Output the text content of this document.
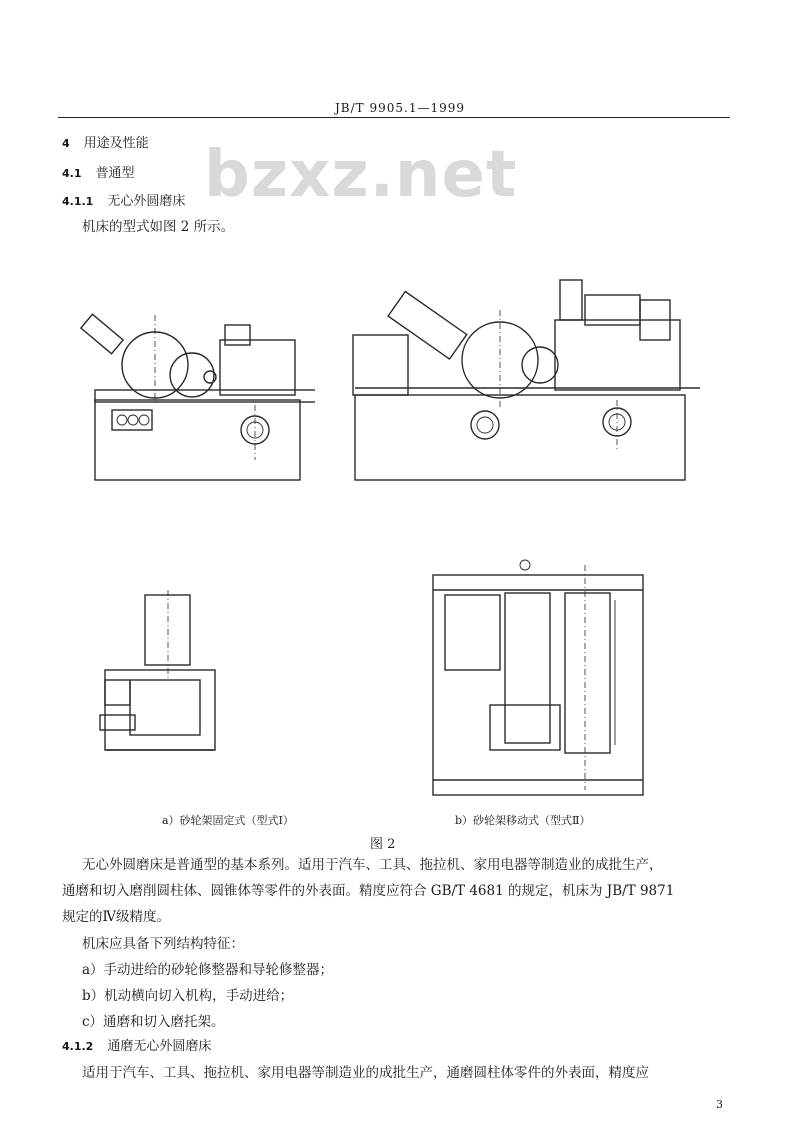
JB/T 9905.1—1999
bzxz.net
4 用途及性能
4.1 普通型
4.1.1 无心外圆磨床
机床的型式如图 2 所示。
a）砂轮架固定式（型式Ⅰ）	b）砂轮架移动式（型式Ⅱ）
图 2
无心外圆磨床是普通型的基本系列。适用于汽车、工具、拖拉机、家用电器等制造业的成批生产，
通磨和切入磨削圆柱体、圆锥体等零件的外表面。精度应符合 GB/T 4681 的规定，机床为 JB/T 9871
规定的Ⅳ级精度。
机床应具备下列结构特征：
a）手动进给的砂轮修整器和导轮修整器；
b）机动横向切入机构，手动进给；
c）通磨和切入磨托架。
4.1.2 通磨无心外圆磨床
适用于汽车、工具、拖拉机、家用电器等制造业的成批生产，通磨圆柱体零件的外表面，精度应
3
